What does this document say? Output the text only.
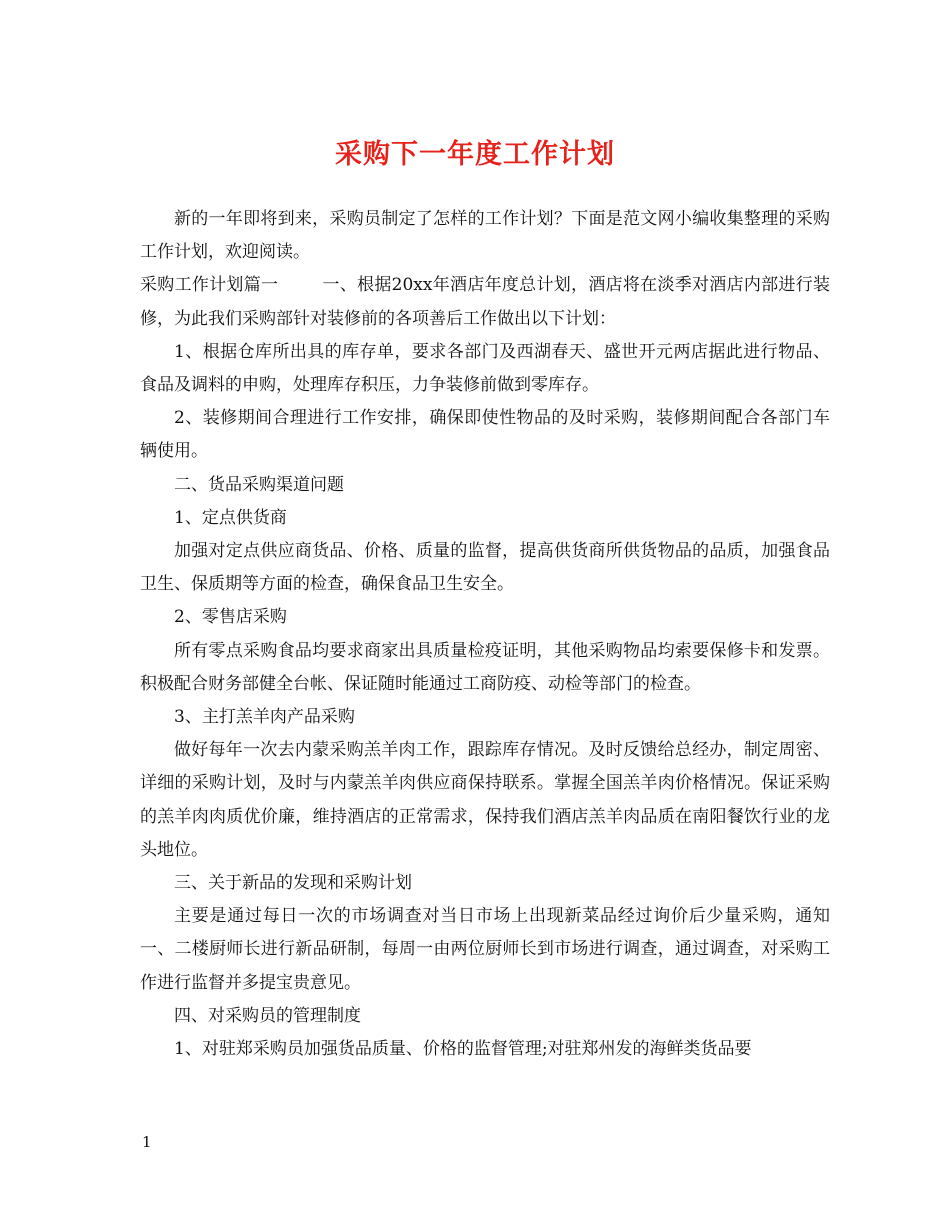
采购下一年度工作计划

新的一年即将到来，采购员制定了怎样的工作计划？下面是范文网小编收集整理的采购工作计划，欢迎阅读。

采购工作计划篇一	一、根据20xx年酒店年度总计划，酒店将在淡季对酒店内部进行装修，为此我们采购部针对装修前的各项善后工作做出以下计划：

1、根据仓库所出具的库存单，要求各部门及西湖春天、盛世开元两店据此进行物品、食品及调料的申购，处理库存积压，力争装修前做到零库存。

2、装修期间合理进行工作安排，确保即使性物品的及时采购，装修期间配合各部门车辆使用。

二、货品采购渠道问题

1、定点供货商

加强对定点供应商货品、价格、质量的监督，提高供货商所供货物品的品质，加强食品卫生、保质期等方面的检查，确保食品卫生安全。

2、零售店采购

所有零点采购食品均要求商家出具质量检疫证明，其他采购物品均索要保修卡和发票。积极配合财务部健全台帐、保证随时能通过工商防疫、动检等部门的检查。

3、主打羔羊肉产品采购

做好每年一次去内蒙采购羔羊肉工作，跟踪库存情况。及时反馈给总经办，制定周密、详细的采购计划，及时与内蒙羔羊肉供应商保持联系。掌握全国羔羊肉价格情况。保证采购的羔羊肉肉质优价廉，维持酒店的正常需求，保持我们酒店羔羊肉品质在南阳餐饮行业的龙头地位。

三、关于新品的发现和采购计划

主要是通过每日一次的市场调查对当日市场上出现新菜品经过询价后少量采购，通知一、二楼厨师长进行新品研制，每周一由两位厨师长到市场进行调查，通过调查，对采购工作进行监督并多提宝贵意见。

四、对采购员的管理制度

1、对驻郑采购员加强货品质量、价格的监督管理;对驻郑州发的海鲜类货品要

1
